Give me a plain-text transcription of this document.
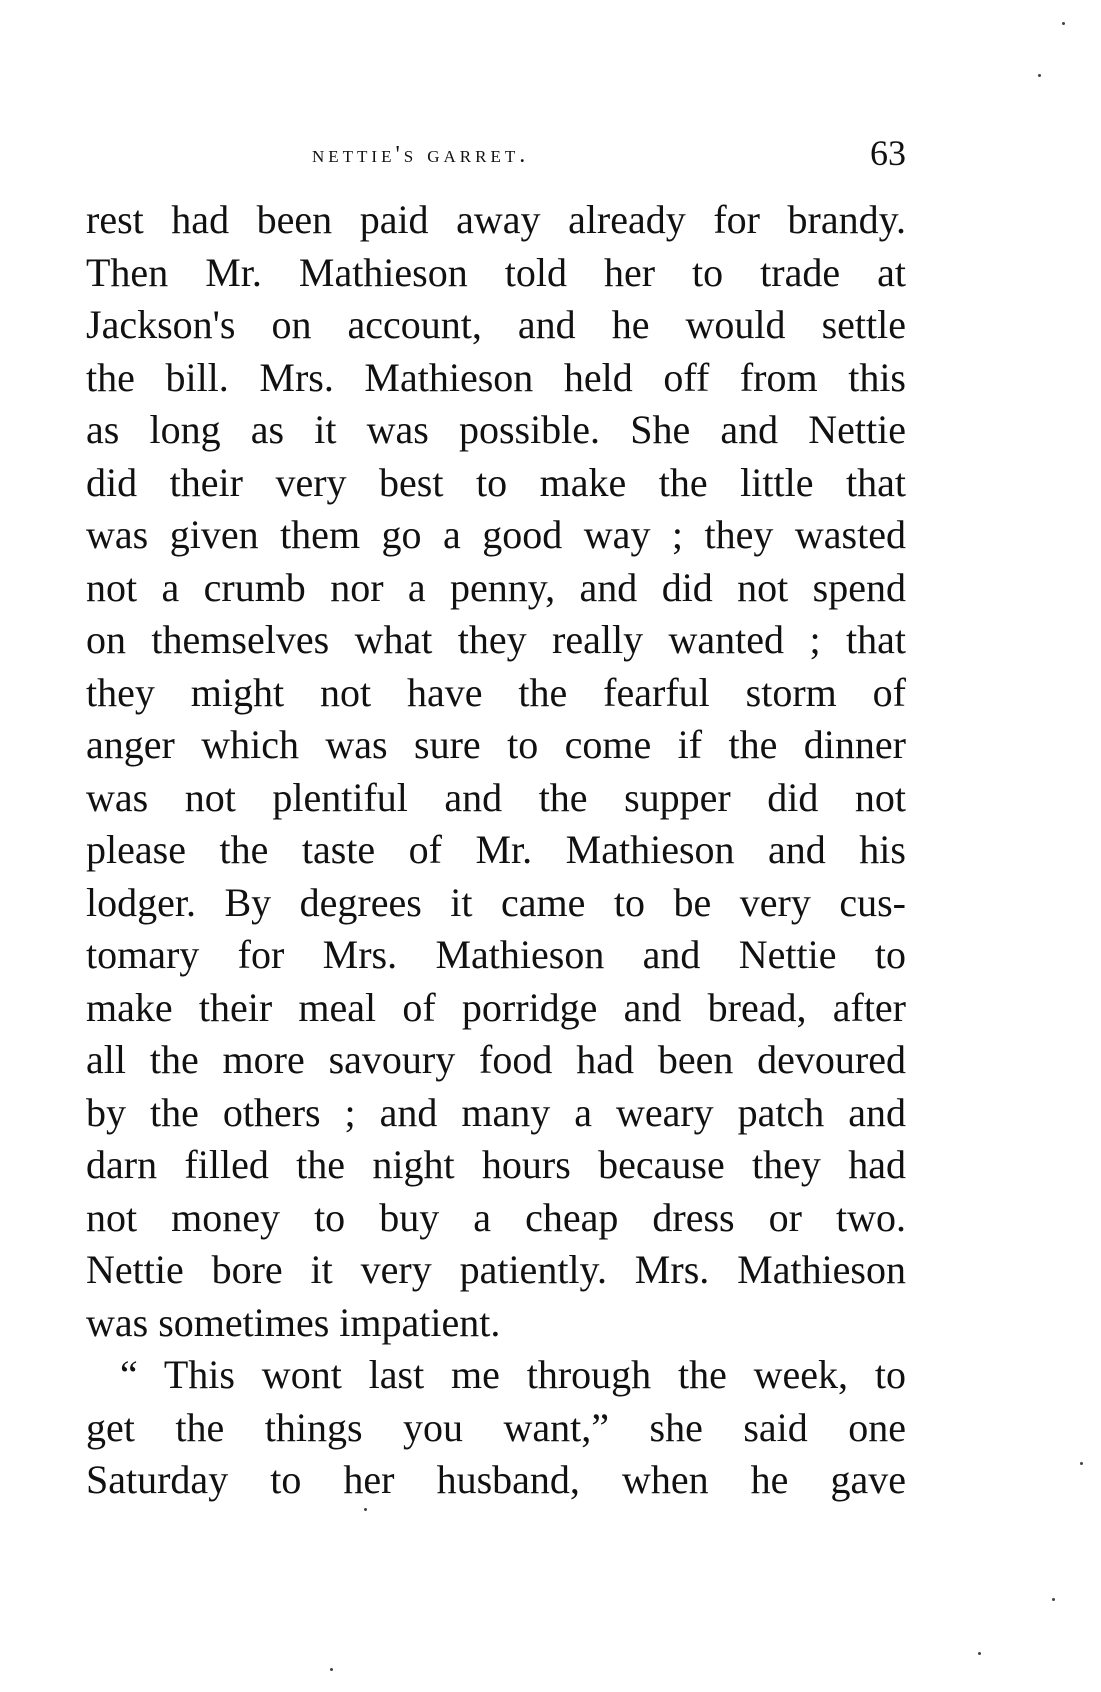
nettie's garret.	63
rest had been paid away already for brandy.
Then Mr. Mathieson told her to trade at
Jackson's on account, and he would settle
the bill. Mrs. Mathieson held off from this
as long as it was possible. She and Nettie
did their very best to make the little that
was given them go a good way ; they wasted
not a crumb nor a penny, and did not spend
on themselves what they really wanted ; that
they might not have the fearful storm of
anger which was sure to come if the dinner
was not plentiful and the supper did not
please the taste of Mr. Mathieson and his
lodger. By degrees it came to be very cus-
tomary for Mrs. Mathieson and Nettie to
make their meal of porridge and bread, after
all the more savoury food had been devoured
by the others ; and many a weary patch and
darn filled the night hours because they had
not money to buy a cheap dress or two.
Nettie bore it very patiently. Mrs. Mathieson
was sometimes impatient.
“ This wont last me through the week, to
get the things you want,” she said one
Saturday to her husband, when he gave
